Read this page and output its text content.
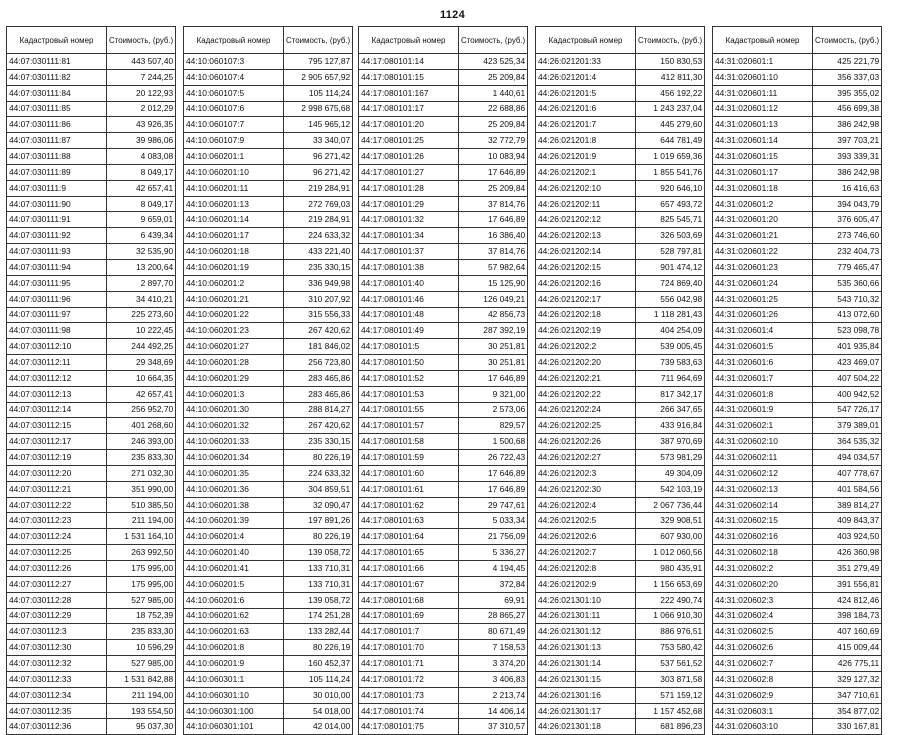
1124
Кадастровый номер	Стоимость, (руб.)
44:07:030111:81	443 507,40
44:07:030111:82	7 244,25
44:07:030111:84	20 122,93
44:07:030111:85	2 012,29
44:07:030111:86	43 926,35
44:07:030111:87	39 986,06
44:07:030111:88	4 083,08
44:07:030111:89	8 049,17
44:07:030111:9	42 657,41
44:07:030111:90	8 049,17
44:07:030111:91	9 659,01
44:07:030111:92	6 439,34
44:07:030111:93	32 535,90
44:07:030111:94	13 200,64
44:07:030111:95	2 897,70
44:07:030111:96	34 410,21
44:07:030111:97	225 273,60
44:07:030111:98	10 222,45
44:07:030112:10	244 492,25
44:07:030112:11	29 348,69
44:07:030112:12	10 664,35
44:07:030112:13	42 657,41
44:07:030112:14	256 952,70
44:07:030112:15	401 268,60
44:07:030112:17	246 393,00
44:07:030112:19	235 833,30
44:07:030112:20	271 032,30
44:07:030112:21	351 990,00
44:07:030112:22	510 385,50
44:07:030112:23	211 194,00
44:07:030112:24	1 531 164,10
44:07:030112:25	263 992,50
44:07:030112:26	175 995,00
44:07:030112:27	175 995,00
44:07:030112:28	527 985,00
44:07:030112:29	18 752,39
44:07:030112:3	235 833,30
44:07:030112:30	10 596,29
44:07:030112:32	527 985,00
44:07:030112:33	1 531 842,88
44:07:030112:34	211 194,00
44:07:030112:35	193 554,50
44:07:030112:36	95 037,30
Кадастровый номер	Стоимость, (руб.)
44:10:060107:3	795 127,87
44:10:060107:4	2 905 657,92
44:10:060107:5	105 114,24
44:10:060107:6	2 998 675,68
44:10:060107:7	145 965,12
44:10:060107:9	33 340,07
44:10:060201:1	96 271,42
44:10:060201:10	96 271,42
44:10:060201:11	219 284,91
44:10:060201:13	272 769,03
44:10:060201:14	219 284,91
44:10:060201:17	224 633,32
44:10:060201:18	433 221,40
44:10:060201:19	235 330,15
44:10:060201:2	336 949,98
44:10:060201:21	310 207,92
44:10:060201:22	315 556,33
44:10:060201:23	267 420,62
44:10:060201:27	181 846,02
44:10:060201:28	256 723,80
44:10:060201:29	283 465,86
44:10:060201:3	283 465,86
44:10:060201:30	288 814,27
44:10:060201:32	267 420,62
44:10:060201:33	235 330,15
44:10:060201:34	80 226,19
44:10:060201:35	224 633,32
44:10:060201:36	304 859,51
44:10:060201:38	32 090,47
44:10:060201:39	197 891,26
44:10:060201:4	80 226,19
44:10:060201:40	139 058,72
44:10:060201:41	133 710,31
44:10:060201:5	133 710,31
44:10:060201:6	139 058,72
44:10:060201:62	174 251,28
44:10:060201:63	133 282,44
44:10:060201:8	80 226,19
44:10:060201:9	160 452,37
44:10:060301:1	105 114,24
44:10:060301:10	30 010,00
44:10:060301:100	54 018,00
44:10:060301:101	42 014,00
Кадастровый номер	Стоимость, (руб.)
44:17:080101:14	423 525,34
44:17:080101:15	25 209,84
44:17:080101:167	1 440,61
44:17:080101:17	22 688,86
44:17:080101:20	25 209,84
44:17:080101:25	32 772,79
44:17:080101:26	10 083,94
44:17:080101:27	17 646,89
44:17:080101:28	25 209,84
44:17:080101:29	37 814,76
44:17:080101:32	17 646,89
44:17:080101:34	16 386,40
44:17:080101:37	37 814,76
44:17:080101:38	57 982,64
44:17:080101:40	15 125,90
44:17:080101:46	126 049,21
44:17:080101:48	42 856,73
44:17:080101:49	287 392,19
44:17:080101:5	30 251,81
44:17:080101:50	30 251,81
44:17:080101:52	17 646,89
44:17:080101:53	9 321,00
44:17:080101:55	2 573,06
44:17:080101:57	829,57
44:17:080101:58	1 500,68
44:17:080101:59	26 722,43
44:17:080101:60	17 646,89
44:17:080101:61	17 646,89
44:17:080101:62	29 747,61
44:17:080101:63	5 033,34
44:17:080101:64	21 756,09
44:17:080101:65	5 336,27
44:17:080101:66	4 194,45
44:17:080101:67	372,84
44:17:080101:68	69,91
44:17:080101:69	28 865,27
44:17:080101:7	80 671,49
44:17:080101:70	7 158,53
44:17:080101:71	3 374,20
44:17:080101:72	3 406,83
44:17:080101:73	2 213,74
44:17:080101:74	14 406,14
44:17:080101:75	37 310,57
Кадастровый номер	Стоимость, (руб.)
44:26:021201:33	150 830,53
44:26:021201:4	412 811,30
44:26:021201:5	456 192,22
44:26:021201:6	1 243 237,04
44:26:021201:7	445 279,60
44:26:021201:8	644 781,49
44:26:021201:9	1 019 659,36
44:26:021202:1	1 855 541,76
44:26:021202:10	920 646,10
44:26:021202:11	657 493,72
44:26:021202:12	825 545,71
44:26:021202:13	326 503,69
44:26:021202:14	528 797,81
44:26:021202:15	901 474,12
44:26:021202:16	724 869,40
44:26:021202:17	556 042,98
44:26:021202:18	1 118 281,43
44:26:021202:19	404 254,09
44:26:021202:2	539 005,45
44:26:021202:20	739 583,63
44:26:021202:21	711 964,69
44:26:021202:22	817 342,17
44:26:021202:24	266 347,65
44:26:021202:25	433 916,84
44:26:021202:26	387 970,69
44:26:021202:27	573 981,29
44:26:021202:3	49 304,09
44:26:021202:30	542 103,19
44:26:021202:4	2 067 736,44
44:26:021202:5	329 908,51
44:26:021202:6	607 930,00
44:26:021202:7	1 012 060,56
44:26:021202:8	980 435,91
44:26:021202:9	1 156 653,69
44:26:021301:10	222 490,74
44:26:021301:11	1 066 910,30
44:26:021301:12	886 976,51
44:26:021301:13	753 580,42
44:26:021301:14	537 561,52
44:26:021301:15	303 871,58
44:26:021301:16	571 159,12
44:26:021301:17	1 157 452,68
44:26:021301:18	681 896,23
Кадастровый номер	Стоимость, (руб.)
44:31:020601:1	425 221,79
44:31:020601:10	356 337,03
44:31:020601:11	395 355,02
44:31:020601:12	456 699,38
44:31:020601:13	386 242,98
44:31:020601:14	397 703,21
44:31:020601:15	393 339,31
44:31:020601:17	386 242,98
44:31:020601:18	16 416,63
44:31:020601:2	394 043,79
44:31:020601:20	376 605,47
44:31:020601:21	273 746,60
44:31:020601:22	232 404,73
44:31:020601:23	779 465,47
44:31:020601:24	535 360,66
44:31:020601:25	543 710,32
44:31:020601:26	413 072,60
44:31:020601:4	523 098,78
44:31:020601:5	401 935,84
44:31:020601:6	423 469,07
44:31:020601:7	407 504,22
44:31:020601:8	400 942,52
44:31:020601:9	547 726,17
44:31:020602:1	379 389,01
44:31:020602:10	364 535,32
44:31:020602:11	494 034,57
44:31:020602:12	407 778,67
44:31:020602:13	401 584,56
44:31:020602:14	389 814,27
44:31:020602:15	409 843,37
44:31:020602:16	403 924,50
44:31:020602:18	426 360,98
44:31:020602:2	351 279,49
44:31:020602:20	391 556,81
44:31:020602:3	424 812,46
44:31:020602:4	398 184,73
44:31:020602:5	407 160,69
44:31:020602:6	415 009,44
44:31:020602:7	426 775,11
44:31:020602:8	329 127,32
44:31:020602:9	347 710,61
44:31:020603:1	354 877,02
44:31:020603:10	330 167,81
